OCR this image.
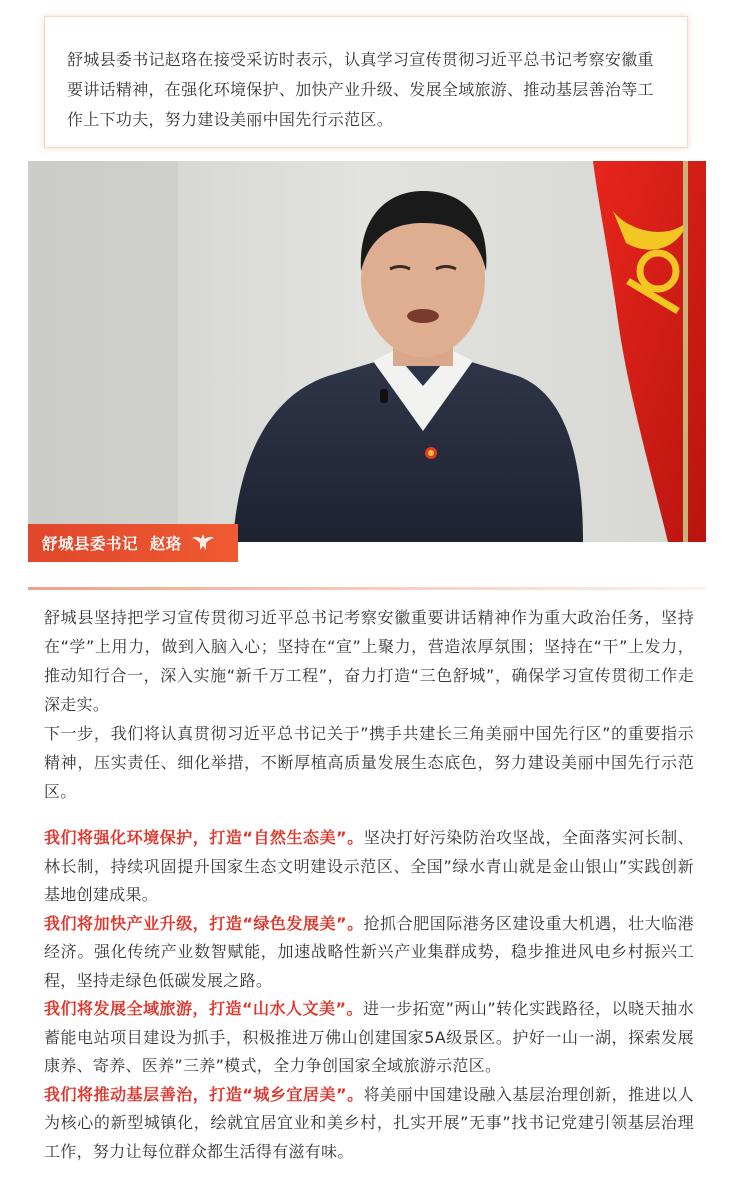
舒城县委书记赵珞在接受采访时表示，认真学习宣传贯彻习近平总书记考察安徽重要讲话精神，在强化环境保护、加快产业升级、发展全域旅游、推动基层善治等工作上下功夫，努力建设美丽中国先行示范区。

舒城县委书记  赵珞

舒城县坚持把学习宣传贯彻习近平总书记考察安徽重要讲话精神作为重大政治任务，坚持在“学”上用力，做到入脑入心；坚持在“宣”上聚力，营造浓厚氛围；坚持在“干”上发力，推动知行合一，深入实施“新千万工程”，奋力打造“三色舒城”，确保学习宣传贯彻工作走深走实。

下一步，我们将认真贯彻习近平总书记关于”携手共建长三角美丽中国先行区”的重要指示精神，压实责任、细化举措，不断厚植高质量发展生态底色，努力建设美丽中国先行示范区。

我们将强化环境保护，打造“自然生态美”。坚决打好污染防治攻坚战，全面落实河长制、林长制，持续巩固提升国家生态文明建设示范区、全国”绿水青山就是金山银山”实践创新基地创建成果。

我们将加快产业升级，打造“绿色发展美”。抢抓合肥国际港务区建设重大机遇，壮大临港经济。强化传统产业数智赋能，加速战略性新兴产业集群成势，稳步推进风电乡村振兴工程，坚持走绿色低碳发展之路。

我们将发展全域旅游，打造“山水人文美”。进一步拓宽”两山”转化实践路径，以晓天抽水蓄能电站项目建设为抓手，积极推进万佛山创建国家5A级景区。护好一山一湖，探索发展康养、寄养、医养”三养”模式，全力争创国家全域旅游示范区。

我们将推动基层善治，打造“城乡宜居美”。将美丽中国建设融入基层治理创新，推进以人为核心的新型城镇化，绘就宜居宜业和美乡村，扎实开展”无事”找书记党建引领基层治理工作，努力让每位群众都生活得有滋有味。
